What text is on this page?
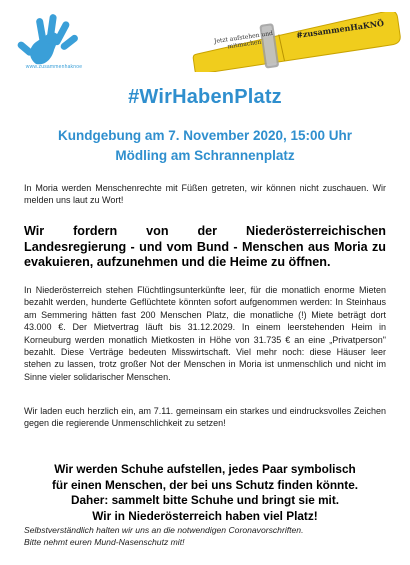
www.zusammenhaknoe
Jetzt aufstehen und mitmachen
#zusammenHaKNÖ
#WirHabenPlatz
Kundgebung am 7. November 2020, 15:00 Uhr
Mödling am Schrannenplatz
In Moria werden Menschenrechte mit Füßen getreten, wir können nicht zuschauen. Wir melden uns laut zu Wort!
Wir fordern von der Niederösterreichischen Landesregierung - und vom Bund - Menschen aus Moria zu evakuieren, aufzunehmen und die Heime zu öffnen.
In Niederösterreich stehen Flüchtlingsunterkünfte leer, für die monatlich enorme Mieten bezahlt werden, hunderte Geflüchtete könnten sofort aufgenommen werden: In Steinhaus am Semmering hätten fast 200 Menschen Platz, die monatliche (!) Miete beträgt dort 43.000 €. Der Mietvertrag läuft bis 31.12.2029. In einem leerstehenden Heim in Korneuburg werden monatlich Mietkosten in Höhe von 31.735 € an eine „Privatperson" bezahlt. Diese Verträge bedeuten Misswirtschaft. Viel mehr noch: diese Häuser leer stehen zu lassen, trotz großer Not der Menschen in Moria ist unmenschlich und nicht im Sinne vieler solidarischer Menschen.
Wir laden euch herzlich ein, am 7.11. gemeinsam ein starkes und eindrucksvolles Zeichen gegen die regierende Unmenschlichkeit zu setzen!
Wir werden Schuhe aufstellen, jedes Paar symbolisch
für einen Menschen, der bei uns Schutz finden könnte.
Daher: sammelt bitte Schuhe und bringt sie mit.
Wir in Niederösterreich haben viel Platz!
Selbstverständlich halten wir uns an die notwendigen Coronavorschriften.
Bitte nehmt euren Mund-Nasenschutz mit!
